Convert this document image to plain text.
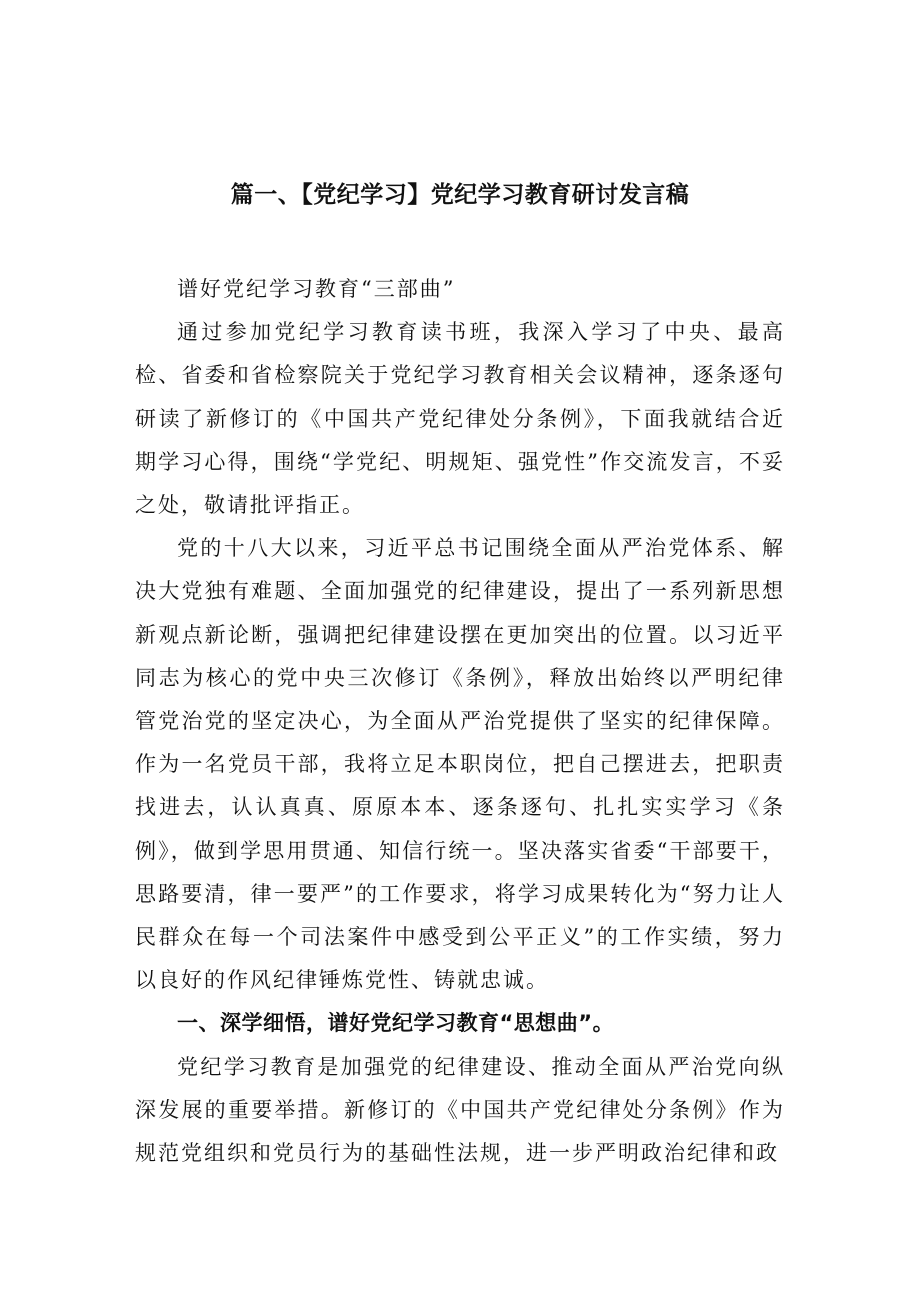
篇一、【党纪学习】党纪学习教育研讨发言稿

谱好党纪学习教育“三部曲”

通过参加党纪学习教育读书班，我深入学习了中央、最高检、省委和省检察院关于党纪学习教育相关会议精神，逐条逐句研读了新修订的《中国共产党纪律处分条例》，下面我就结合近期学习心得，围绕“学党纪、明规矩、强党性”作交流发言，不妥之处，敬请批评指正。

党的十八大以来，习近平总书记围绕全面从严治党体系、解决大党独有难题、全面加强党的纪律建设，提出了一系列新思想新观点新论断，强调把纪律建设摆在更加突出的位置。以习近平同志为核心的党中央三次修订《条例》，释放出始终以严明纪律管党治党的坚定决心，为全面从严治党提供了坚实的纪律保障。作为一名党员干部，我将立足本职岗位，把自己摆进去，把职责找进去，认认真真、原原本本、逐条逐句、扎扎实实学习《条例》，做到学思用贯通、知信行统一。坚决落实省委“干部要干，思路要清，律一要严”的工作要求，将学习成果转化为“努力让人民群众在每一个司法案件中感受到公平正义”的工作实绩，努力以良好的作风纪律锤炼党性、铸就忠诚。

一、深学细悟，谱好党纪学习教育“思想曲”。

党纪学习教育是加强党的纪律建设、推动全面从严治党向纵深发展的重要举措。新修订的《中国共产党纪律处分条例》作为规范党组织和党员行为的基础性法规，进一步严明政治纪律和政
